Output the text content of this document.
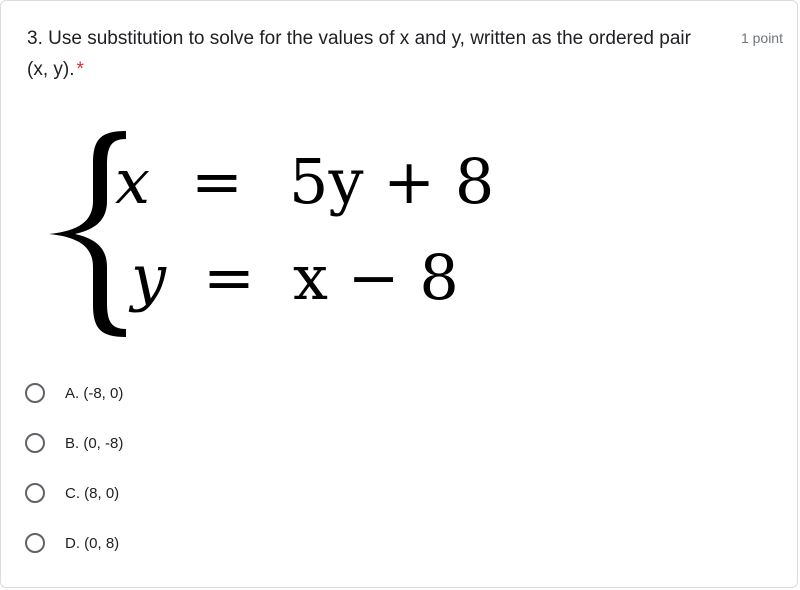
3. Use substitution to solve for the values of x and y, written as the ordered pair (x, y). *
1 point
x = 5y + 8
y = x − 8
A. (-8, 0)
B. (0, -8)
C. (8, 0)
D. (0, 8)
